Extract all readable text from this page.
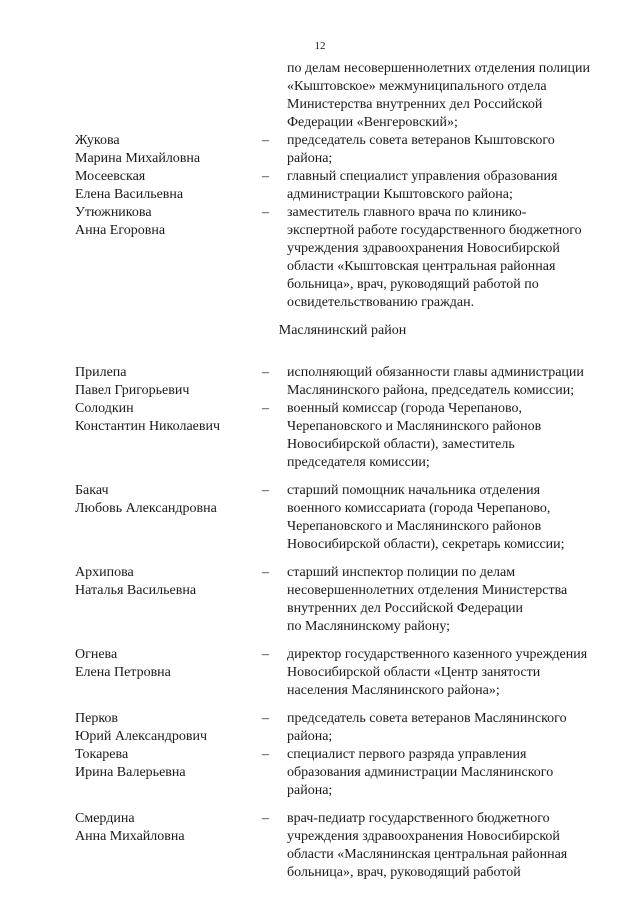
12
по делам несовершеннолетних отделения полиции
«Кыштовское» межмуниципального отдела
Министерства внутренних дел Российской
Федерации «Венгеровский»;
Жукова
Марина Михайловна
– председатель совета ветеранов Кыштовского
района;
Мосеевская
Елена Васильевна
– главный специалист управления образования
администрации Кыштовского района;
Утюжникова
Анна Егоровна
– заместитель главного врача по клинико-
экспертной работе государственного бюджетного
учреждения здравоохранения Новосибирской
области «Кыштовская центральная районная
больница», врач, руководящий работой по
освидетельствованию граждан.
Маслянинский район
Прилепа
Павел Григорьевич
– исполняющий обязанности главы администрации
Маслянинского района, председатель комиссии;
Солодкин
Константин Николаевич
– военный комиссар (города Черепаново,
Черепановского и Маслянинского районов
Новосибирской области), заместитель
председателя комиссии;
Бакач
Любовь Александровна
– старший помощник начальника отделения
военного комиссариата (города Черепаново,
Черепановского и Маслянинского районов
Новосибирской области), секретарь комиссии;
Архипова
Наталья Васильевна
– старший инспектор полиции по делам
несовершеннолетних отделения Министерства
внутренних дел Российской Федерации
по Маслянинскому району;
Огнева
Елена Петровна
– директор государственного казенного учреждения
Новосибирской области «Центр занятости
населения Маслянинского района»;
Перков
Юрий Александрович
– председатель совета ветеранов Маслянинского
района;
Токарева
Ирина Валерьевна
– специалист первого разряда управления
образования администрации Маслянинского
района;
Смердина
Анна Михайловна
– врач-педиатр государственного бюджетного
учреждения здравоохранения Новосибирской
области «Маслянинская центральная районная
больница», врач, руководящий работой
